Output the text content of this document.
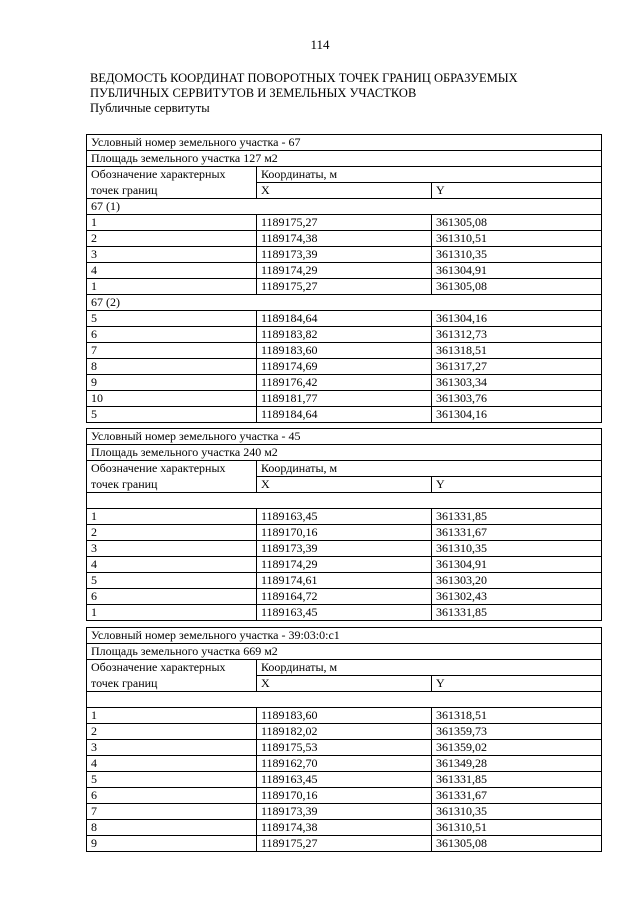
114
ВЕДОМОСТЬ КООРДИНАТ ПОВОРОТНЫХ ТОЧЕК ГРАНИЦ ОБРАЗУЕМЫХ
ПУБЛИЧНЫХ СЕРВИТУТОВ И ЗЕМЕЛЬНЫХ УЧАСТКОВ
Публичные сервитуты
Условный номер земельного участка - 67		
Площадь земельного участка 127 м2		
Обозначение характерных	Координаты, м	
точек границ	X	Y
67 (1)		
1	1189175,27	361305,08
2	1189174,38	361310,51
3	1189173,39	361310,35
4	1189174,29	361304,91
1	1189175,27	361305,08
67 (2)		
5	1189184,64	361304,16
6	1189183,82	361312,73
7	1189183,60	361318,51
8	1189174,69	361317,27
9	1189176,42	361303,34
10	1189181,77	361303,76
5	1189184,64	361304,16
Условный номер земельного участка - 45		
Площадь земельного участка 240 м2		
Обозначение характерных	Координаты, м	
точек границ	X	Y

1	1189163,45	361331,85
2	1189170,16	361331,67
3	1189173,39	361310,35
4	1189174,29	361304,91
5	1189174,61	361303,20
6	1189164,72	361302,43
1	1189163,45	361331,85
Условный номер земельного участка - 39:03:0:с1		
Площадь земельного участка 669 м2		
Обозначение характерных	Координаты, м	
точек границ	X	Y

1	1189183,60	361318,51
2	1189182,02	361359,73
3	1189175,53	361359,02
4	1189162,70	361349,28
5	1189163,45	361331,85
6	1189170,16	361331,67
7	1189173,39	361310,35
8	1189174,38	361310,51
9	1189175,27	361305,08
